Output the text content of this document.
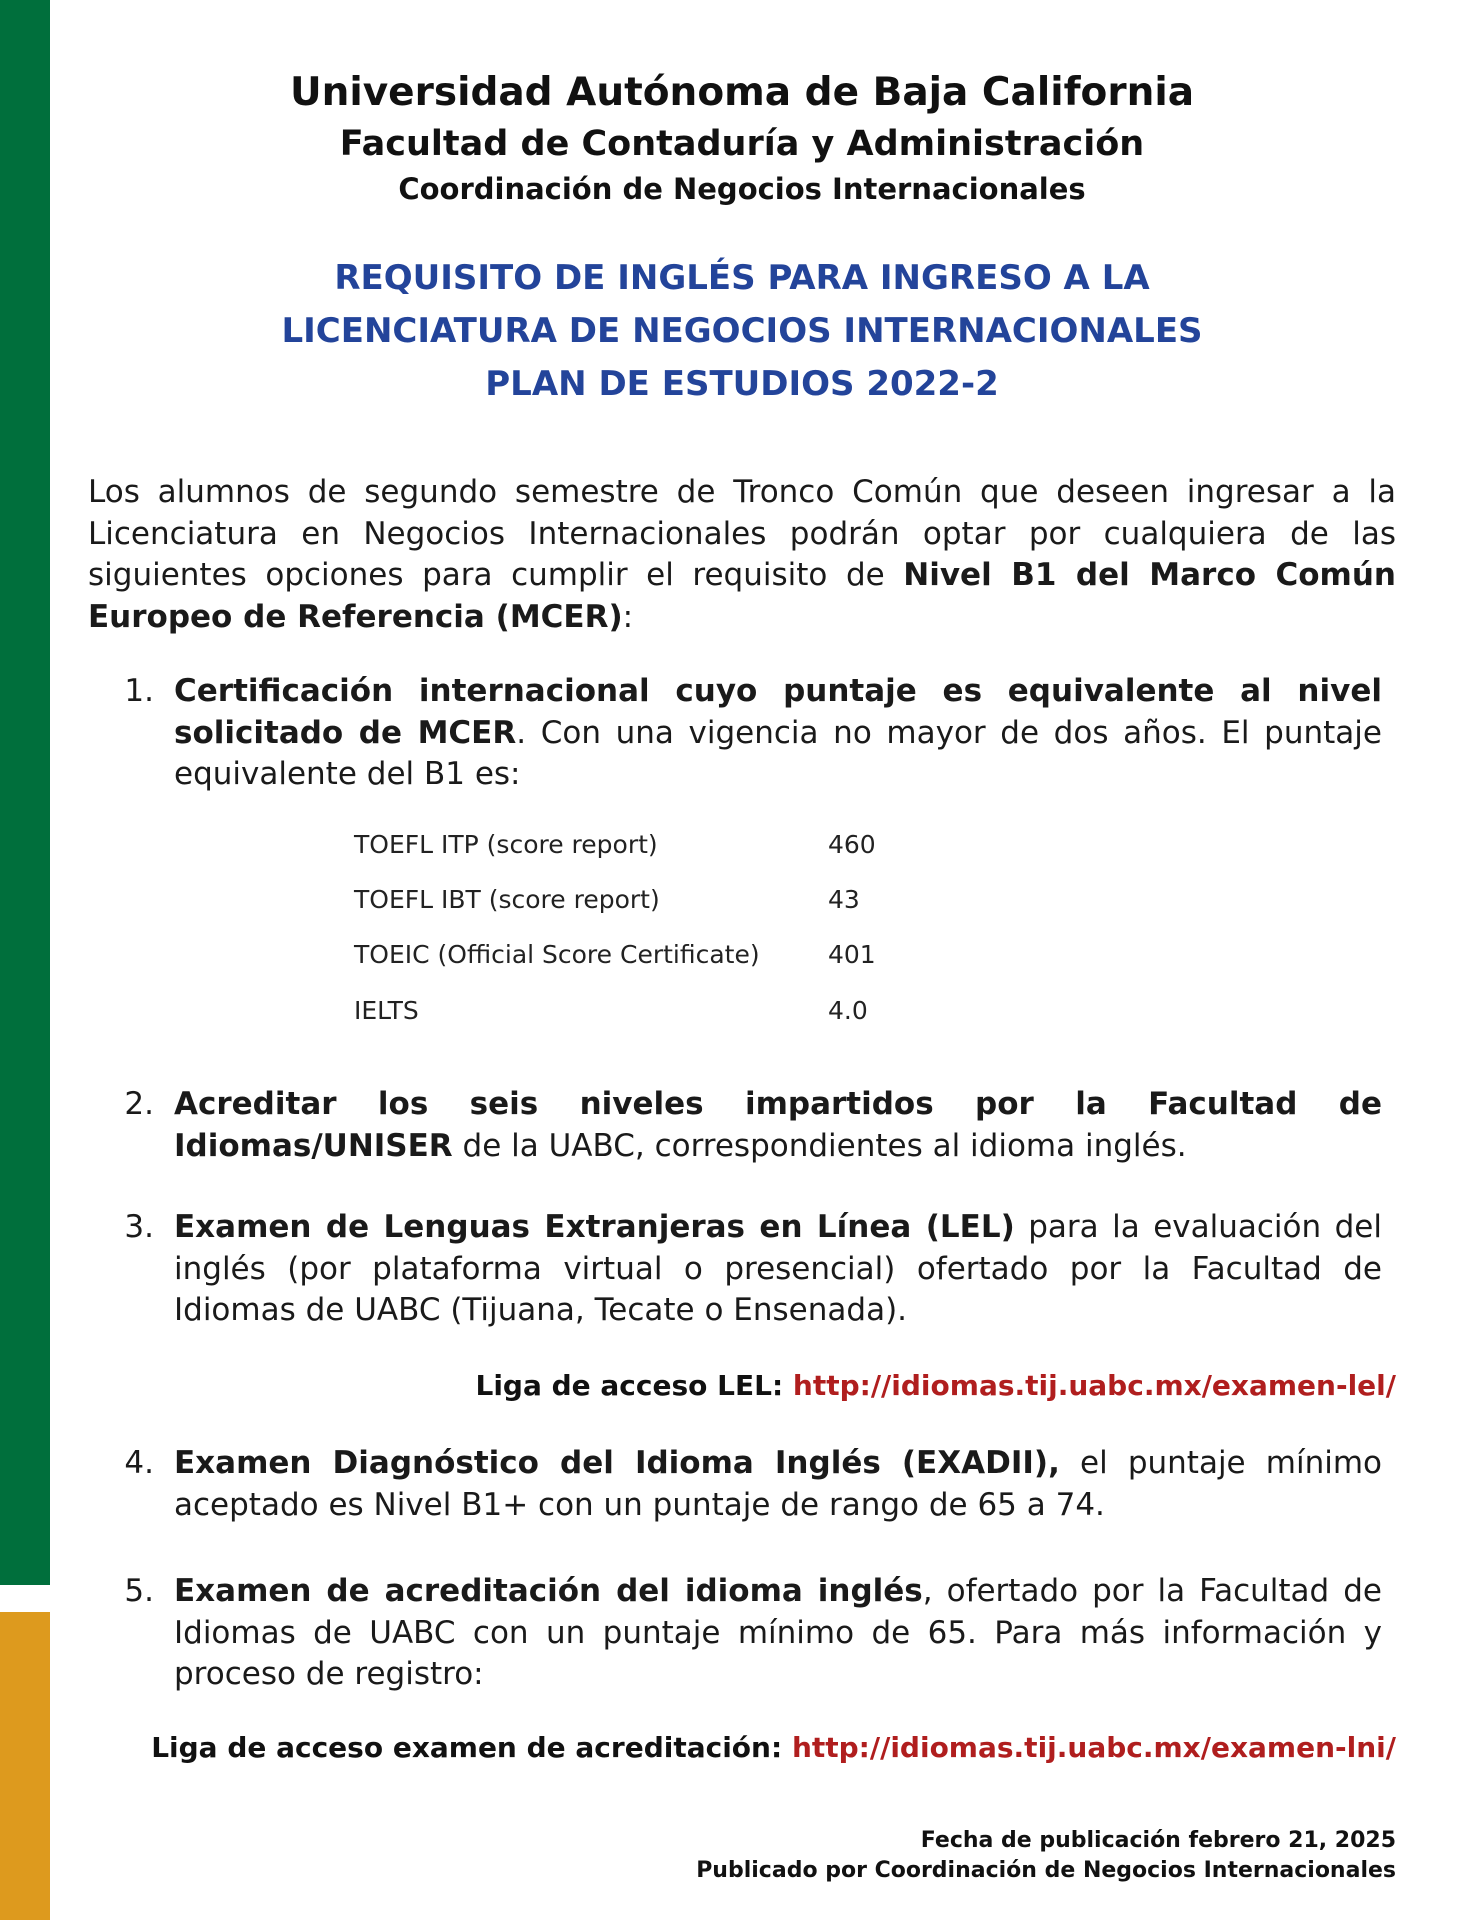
Universidad Autónoma de Baja California
Facultad de Contaduría y Administración
Coordinación de Negocios Internacionales
REQUISITO DE INGLÉS PARA INGRESO A LA
LICENCIATURA DE NEGOCIOS INTERNACIONALES
PLAN DE ESTUDIOS 2022-2

Los alumnos de segundo semestre de Tronco Común que deseen ingresar a la Licenciatura en Negocios Internacionales podrán optar por cualquiera de las siguientes opciones para cumplir el requisito de Nivel B1 del Marco Común Europeo de Referencia (MCER):

1. Certificación internacional cuyo puntaje es equivalente al nivel solicitado de MCER. Con una vigencia no mayor de dos años. El puntaje equivalente del B1 es:
TOEFL ITP (score report)	460
TOEFL IBT (score report)	43
TOEIC (Official Score Certificate)	401
IELTS	4.0
2. Acreditar los seis niveles impartidos por la Facultad de Idiomas/UNISER de la UABC, correspondientes al idioma inglés.
3. Examen de Lenguas Extranjeras en Línea (LEL) para la evaluación del inglés (por plataforma virtual o presencial) ofertado por la Facultad de Idiomas de UABC (Tijuana, Tecate o Ensenada).
Liga de acceso LEL: http://idiomas.tij.uabc.mx/examen-lel/
4. Examen Diagnóstico del Idioma Inglés (EXADII), el puntaje mínimo aceptado es Nivel B1+ con un puntaje de rango de 65 a 74.
5. Examen de acreditación del idioma inglés, ofertado por la Facultad de Idiomas de UABC con un puntaje mínimo de 65. Para más información y proceso de registro:
Liga de acceso examen de acreditación: http://idiomas.tij.uabc.mx/examen-lni/
Fecha de publicación febrero 21, 2025
Publicado por Coordinación de Negocios Internacionales
